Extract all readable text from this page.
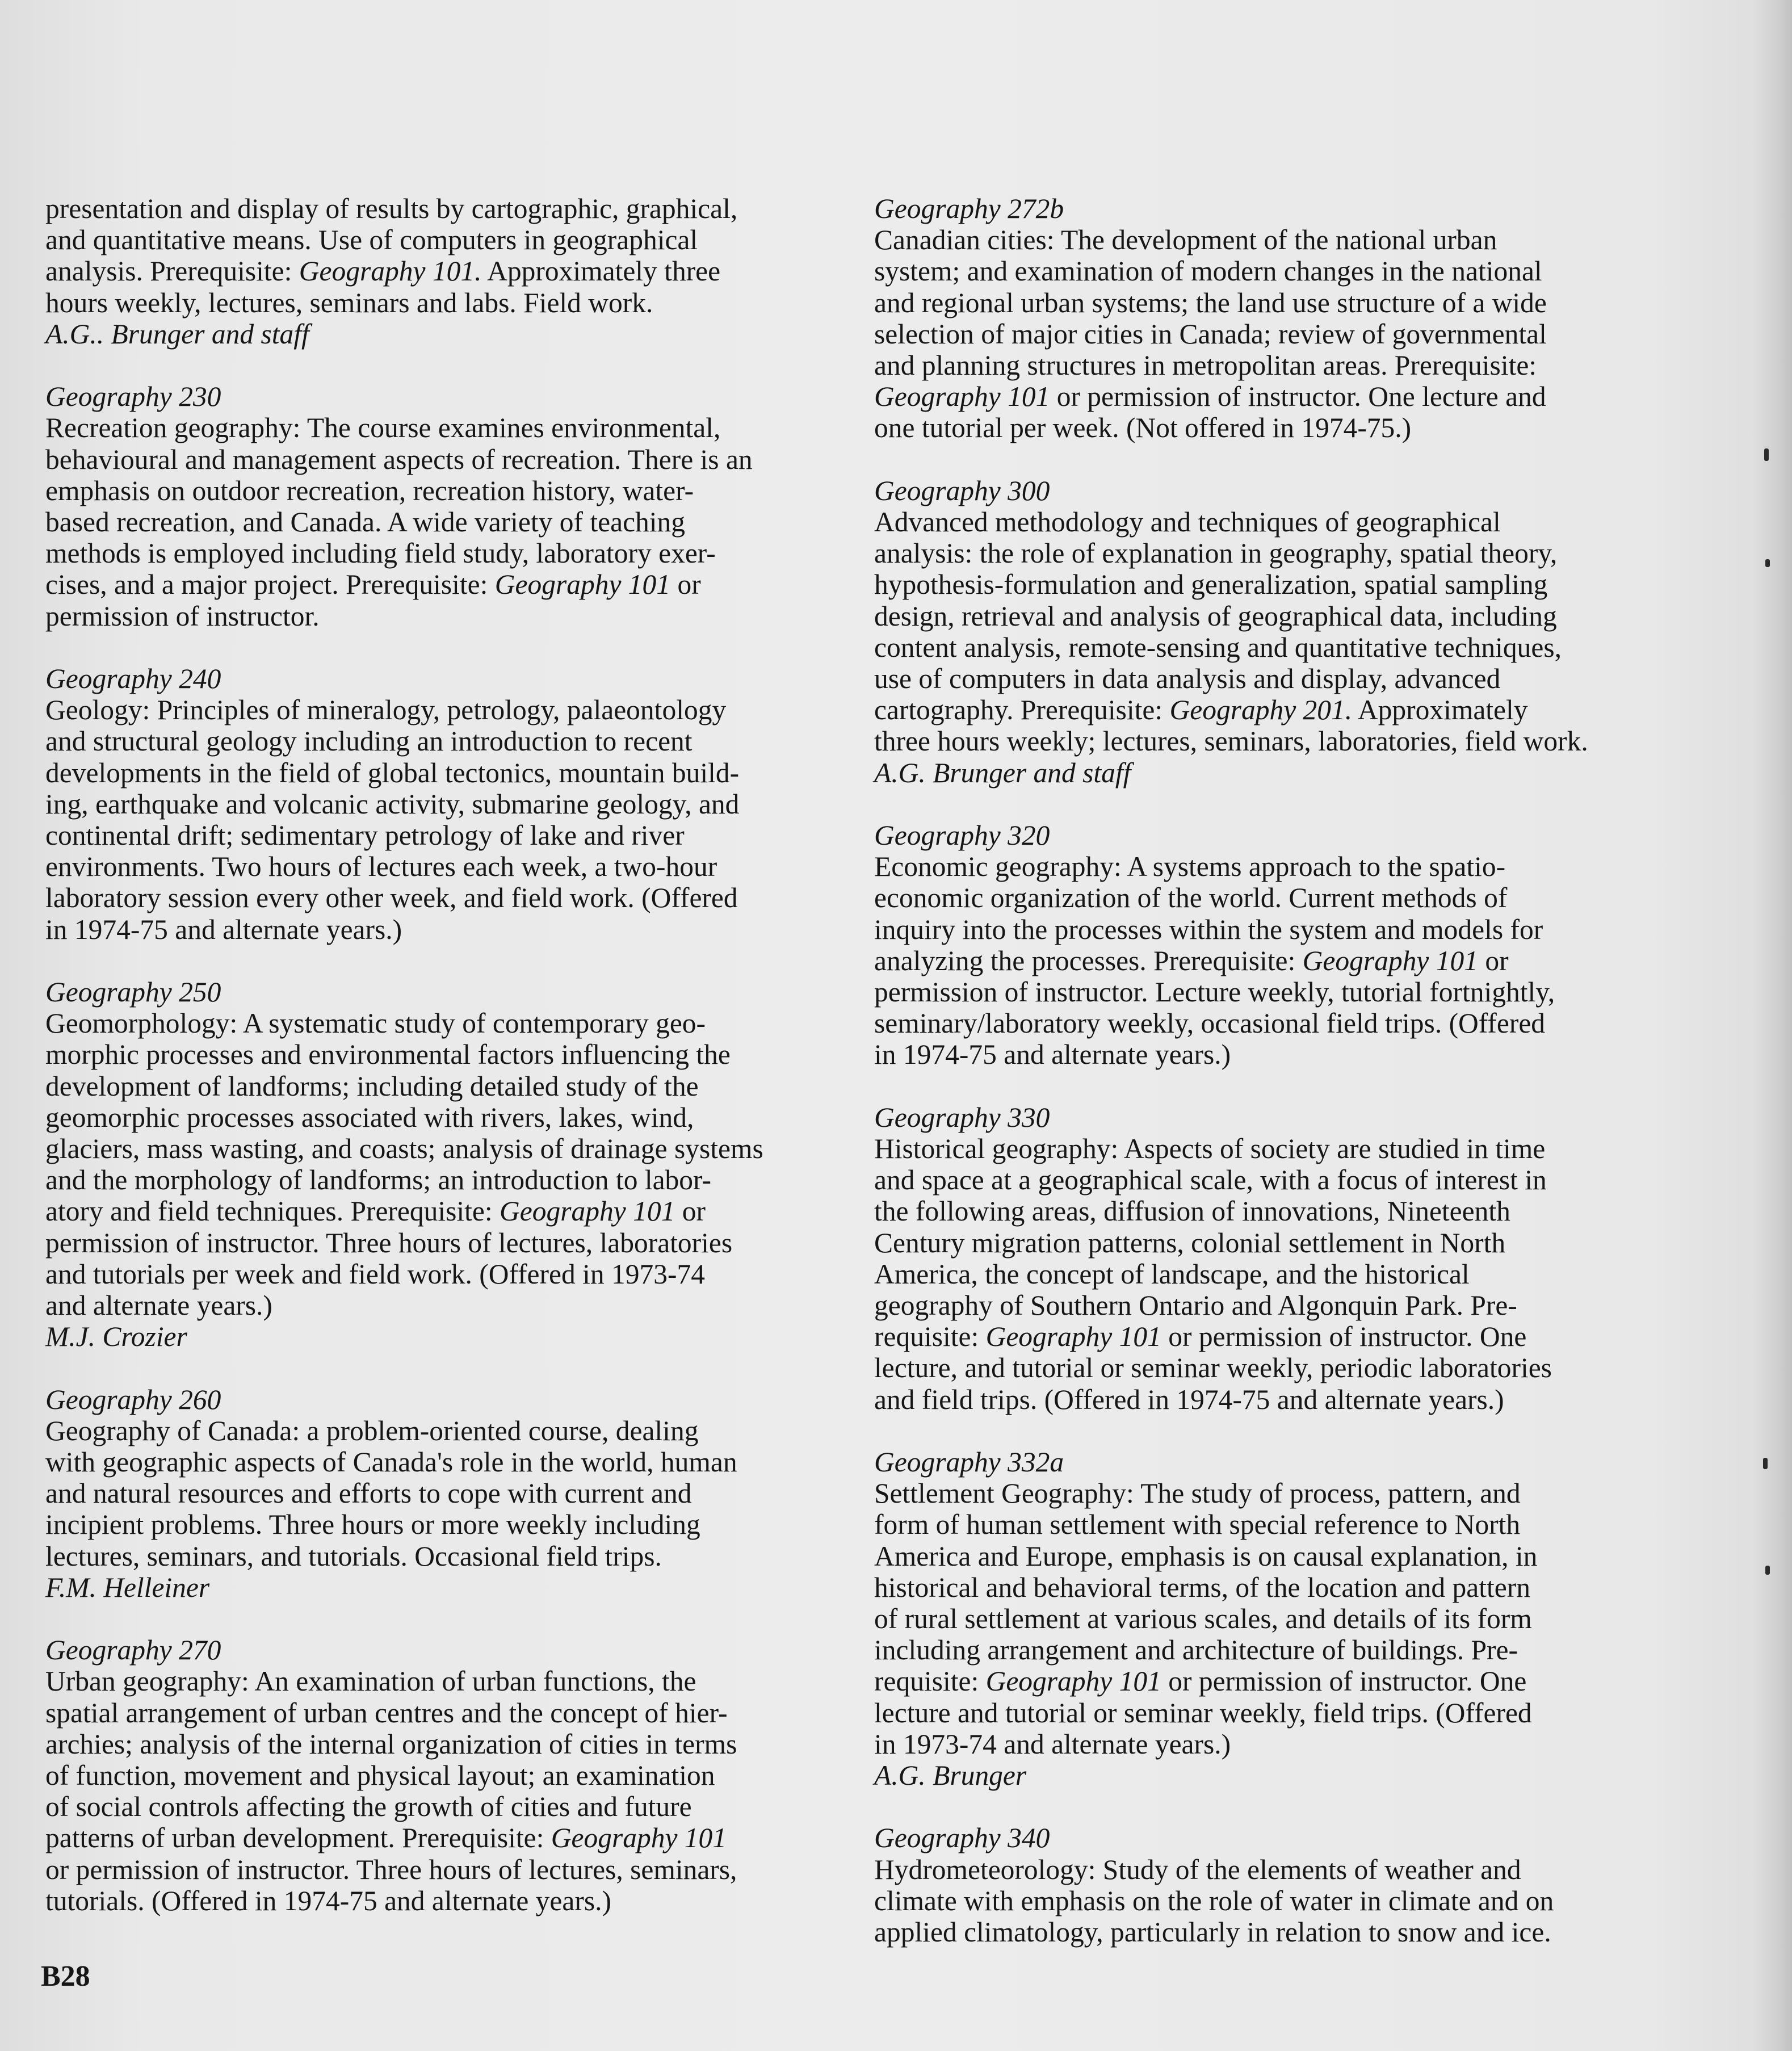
presentation and display of results by cartographic, graphical,
and quantitative means. Use of computers in geographical
analysis. Prerequisite: Geography 101. Approximately three
hours weekly, lectures, seminars and labs. Field work.

A.G.. Brunger and staff

Geography 230

Recreation geography: The course examines environmental,
behavioural and management aspects of recreation. There is an
emphasis on outdoor recreation, recreation history, water-
based recreation, and Canada. A wide variety of teaching
methods is employed including field study, laboratory exer-
cises, and a major project. Prerequisite: Geography 101 or
permission of instructor.

Geography 240

Geology: Principles of mineralogy, petrology, palaeontology
and structural geology including an introduction to recent
developments in the field of global tectonics, mountain build-
ing, earthquake and volcanic activity, submarine geology, and
continental drift; sedimentary petrology of lake and river
environments. Two hours of lectures each week, a two-hour
laboratory session every other week, and field work. (Offered
in 1974-75 and alternate years.)

Geography 250

Geomorphology: A systematic study of contemporary geo-
morphic processes and environmental factors influencing the
development of landforms; including detailed study of the
geomorphic processes associated with rivers, lakes, wind,
glaciers, mass wasting, and coasts; analysis of drainage systems
and the morphology of landforms; an introduction to labor-
atory and field techniques. Prerequisite: Geography 101 or
permission of instructor. Three hours of lectures, laboratories
and tutorials per week and field work. (Offered in 1973-74
and alternate years.)

M.J. Crozier

Geography 260

Geography of Canada: a problem-oriented course, dealing
with geographic aspects of Canada's role in the world, human
and natural resources and efforts to cope with current and
incipient problems. Three hours or more weekly including
lectures, seminars, and tutorials. Occasional field trips.

F.M. Helleiner

Geography 270

Urban geography: An examination of urban functions, the
spatial arrangement of urban centres and the concept of hier-
archies; analysis of the internal organization of cities in terms
of function, movement and physical layout; an examination
of social controls affecting the growth of cities and future
patterns of urban development. Prerequisite: Geography 101
or permission of instructor. Three hours of lectures, seminars,
tutorials. (Offered in 1974-75 and alternate years.)

Geography 272b

Canadian cities: The development of the national urban
system; and examination of modern changes in the national
and regional urban systems; the land use structure of a wide
selection of major cities in Canada; review of governmental
and planning structures in metropolitan areas. Prerequisite:
Geography 101 or permission of instructor. One lecture and
one tutorial per week. (Not offered in 1974-75.)

Geography 300

Advanced methodology and techniques of geographical
analysis: the role of explanation in geography, spatial theory,
hypothesis-formulation and generalization, spatial sampling
design, retrieval and analysis of geographical data, including
content analysis, remote-sensing and quantitative techniques,
use of computers in data analysis and display, advanced
cartography. Prerequisite: Geography 201. Approximately
three hours weekly; lectures, seminars, laboratories, field work.

A.G. Brunger and staff

Geography 320

Economic geography: A systems approach to the spatio-
economic organization of the world. Current methods of
inquiry into the processes within the system and models for
analyzing the processes. Prerequisite: Geography 101 or
permission of instructor. Lecture weekly, tutorial fortnightly,
seminary/laboratory weekly, occasional field trips. (Offered
in 1974-75 and alternate years.)

Geography 330

Historical geography: Aspects of society are studied in time
and space at a geographical scale, with a focus of interest in
the following areas, diffusion of innovations, Nineteenth
Century migration patterns, colonial settlement in North
America, the concept of landscape, and the historical
geography of Southern Ontario and Algonquin Park. Pre-
requisite: Geography 101 or permission of instructor. One
lecture, and tutorial or seminar weekly, periodic laboratories
and field trips. (Offered in 1974-75 and alternate years.)

Geography 332a

Settlement Geography: The study of process, pattern, and
form of human settlement with special reference to North
America and Europe, emphasis is on causal explanation, in
historical and behavioral terms, of the location and pattern
of rural settlement at various scales, and details of its form
including arrangement and architecture of buildings. Pre-
requisite: Geography 101 or permission of instructor. One
lecture and tutorial or seminar weekly, field trips. (Offered
in 1973-74 and alternate years.)

A.G. Brunger

Geography 340

Hydrometeorology: Study of the elements of weather and
climate with emphasis on the role of water in climate and on
applied climatology, particularly in relation to snow and ice.

B28
